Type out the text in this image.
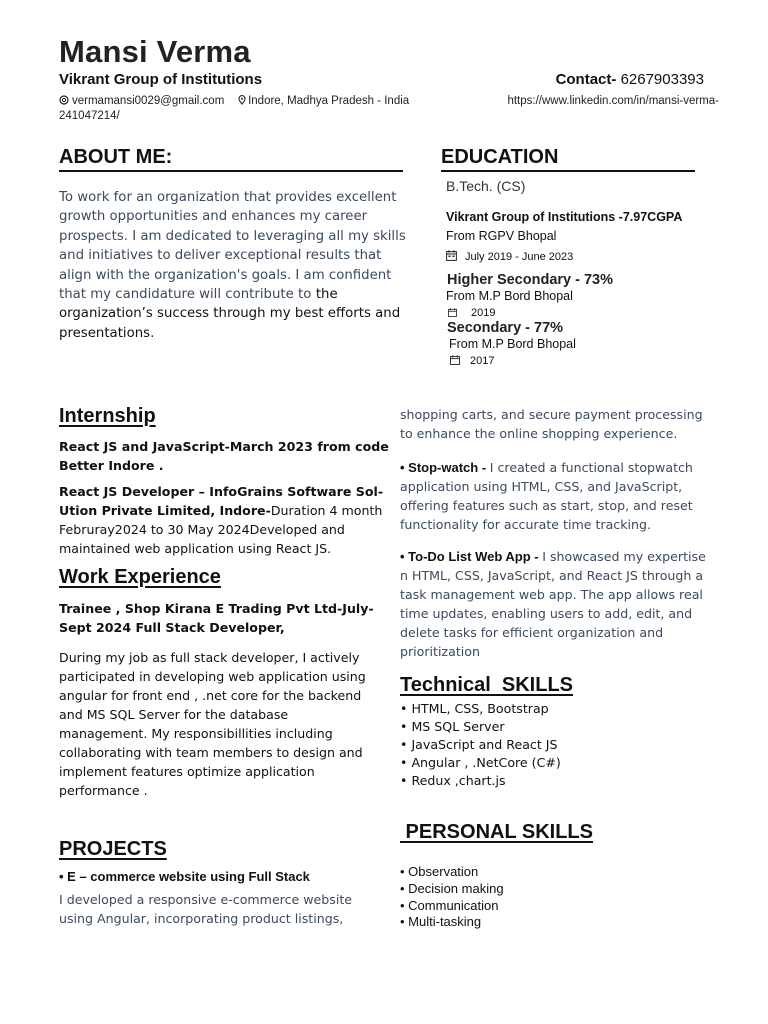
Mansi Verma
Vikrant Group of Institutions	Contact- 6267903393
vermamansi0029@gmail.com Indore, Madhya Pradesh - India	https://www.linkedin.com/in/mansi-verma-

241047214/
ABOUT ME:
To work for an organization that provides excellent growth opportunities and enhances my career prospects. I am dedicated to leveraging all my skills and initiatives to deliver exceptional results that align with the organization's goals. I am confident that my candidature will contribute to the organization’s success through my best efforts and presentations.
EDUCATION
B.Tech. (CS)
Vikrant Group of Institutions -7.97CGPA
From RGPV Bhopal
July 2019 - June 2023
Higher Secondary - 73%
From M.P Bord Bhopal
2019
Secondary - 77%
From M.P Bord Bhopal
2017
Internship
React JS and JavaScript-March 2023 from code Better Indore .
React JS Developer – InfoGrains Software Sol-Ution Private Limited, Indore-Duration 4 month Februray2024 to 30 May 2024Developed and maintained web application using React JS.
Work Experience
Trainee , Shop Kirana E Trading Pvt Ltd-July-Sept 2024 Full Stack Developer,
During my job as full stack developer, I actively participated in developing web application using angular for front end , .net core for the backend and MS SQL Server for the database management. My responsibillities including collaborating with team members to design and implement features optimize application performance .
PROJECTS
• E – commerce website using Full Stack
I developed a responsive e-commerce website using Angular, incorporating product listings,
shopping carts, and secure payment processing to enhance the online shopping experience.
• Stop-watch - I created a functional stopwatch application using HTML, CSS, and JavaScript, offering features such as start, stop, and reset functionality for accurate time tracking.
• To-Do List Web App - I showcased my expertise n HTML, CSS, JavaScript, and React JS through a task management web app. The app allows real time updates, enabling users to add, edit, and delete tasks for efficient organization and prioritization
Technical  SKILLS
• HTML, CSS, Bootstrap
• MS SQL Server
• JavaScript and React JS
• Angular , .NetCore (C#)
• Redux ,chart.js
PERSONAL SKILLS
• Observation
• Decision making
• Communication
• Multi-tasking
